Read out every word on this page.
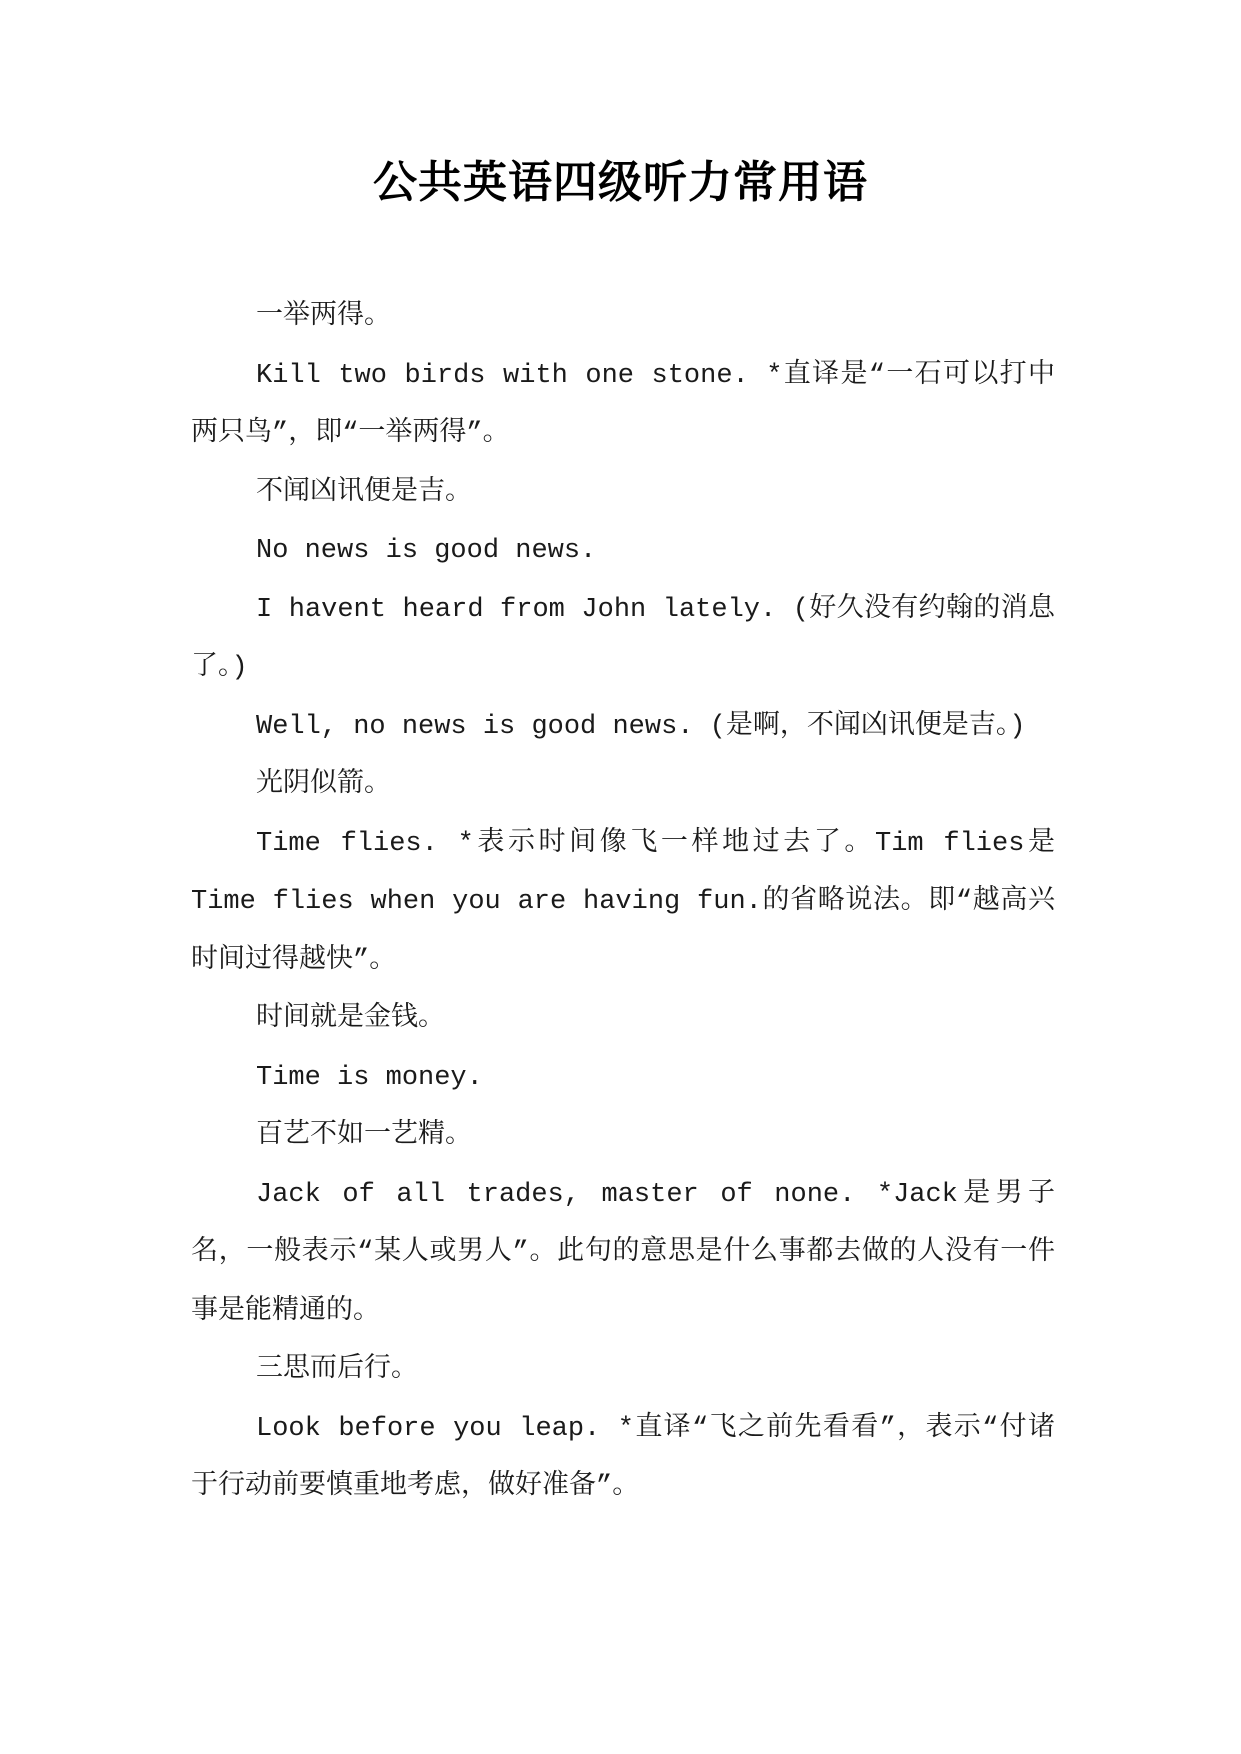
公共英语四级听力常用语

一举两得。

Kill two birds with one stone. *直译是“一石可以打中两只鸟”，即“一举两得”。

不闻凶讯便是吉。

No news is good news.

I havent heard from John lately. (好久没有约翰的消息了。)

Well, no news is good news. (是啊，不闻凶讯便是吉。)

光阴似箭。

Time flies. *表示时间像飞一样地过去了。Tim flies是Time flies when you are having fun.的省略说法。即“越高兴时间过得越快”。

时间就是金钱。

Time is money.

百艺不如一艺精。

Jack of all trades, master of none. *Jack是男子名，一般表示“某人或男人”。此句的意思是什么事都去做的人没有一件事是能精通的。

三思而后行。

Look before you leap. *直译“飞之前先看看”，表示“付诸于行动前要慎重地考虑，做好准备”。
